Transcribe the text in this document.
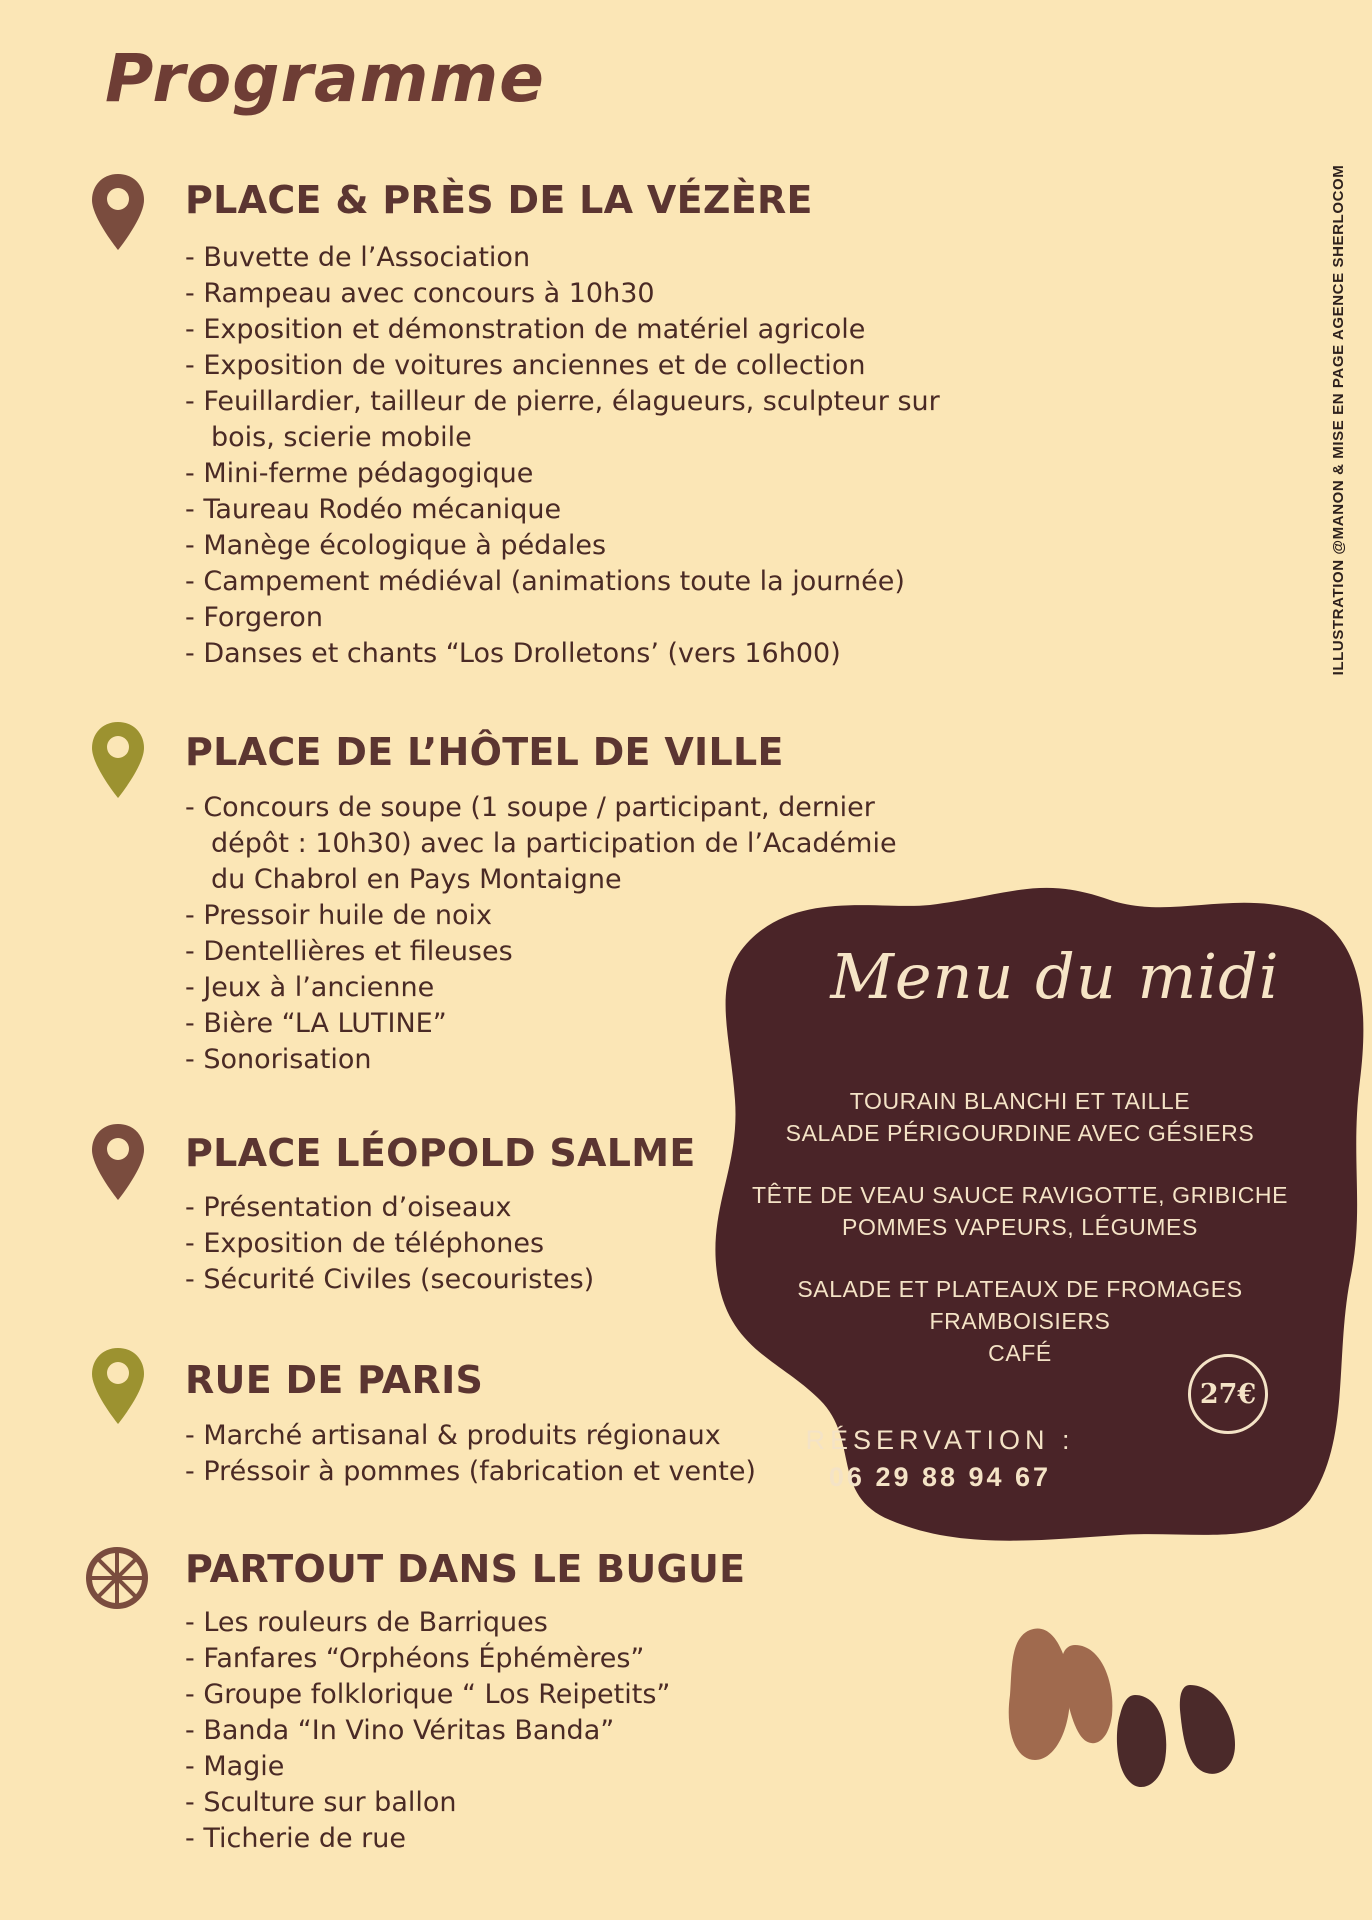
Programme
ILLUSTRATION @MANON & MISE EN PAGE AGENCE SHERLOCOM
PLACE & PRÈS DE LA VÉZÈRE
- Buvette de l’Association
- Rampeau avec concours à 10h30
- Exposition et démonstration de matériel agricole
- Exposition de voitures anciennes et de collection
- Feuillardier, tailleur de pierre, élagueurs, sculpteur sur
bois, scierie mobile
- Mini-ferme pédagogique
- Taureau Rodéo mécanique
- Manège écologique à pédales
- Campement médiéval (animations toute la journée)
- Forgeron
- Danses et chants “Los Drolletons’ (vers 16h00)
PLACE DE L’HÔTEL DE VILLE
- Concours de soupe (1 soupe / participant, dernier
dépôt : 10h30) avec la participation de l’Académie
du Chabrol en Pays Montaigne
- Pressoir huile de noix
- Dentellières et fileuses
- Jeux à l’ancienne
- Bière “LA LUTINE”
- Sonorisation
PLACE LÉOPOLD SALME
- Présentation d’oiseaux
- Exposition de téléphones
- Sécurité Civiles (secouristes)
RUE DE PARIS
- Marché artisanal & produits régionaux
- Préssoir à pommes (fabrication et vente)
PARTOUT DANS LE BUGUE
- Les rouleurs de Barriques
- Fanfares “Orphéons Éphémères”
- Groupe folklorique “ Los Reipetits”
- Banda “In Vino Véritas Banda”
- Magie
- Sculture sur ballon
- Ticherie de rue
Menu du midi
TOURAIN BLANCHI ET TAILLE
SALADE PÉRIGOURDINE AVEC GÉSIERS
TÊTE DE VEAU SAUCE RAVIGOTTE, GRIBICHE
POMMES VAPEURS, LÉGUMES
SALADE ET PLATEAUX DE FROMAGES
FRAMBOISIERS
CAFÉ
27€
RÉSERVATION :
06 29 88 94 67
